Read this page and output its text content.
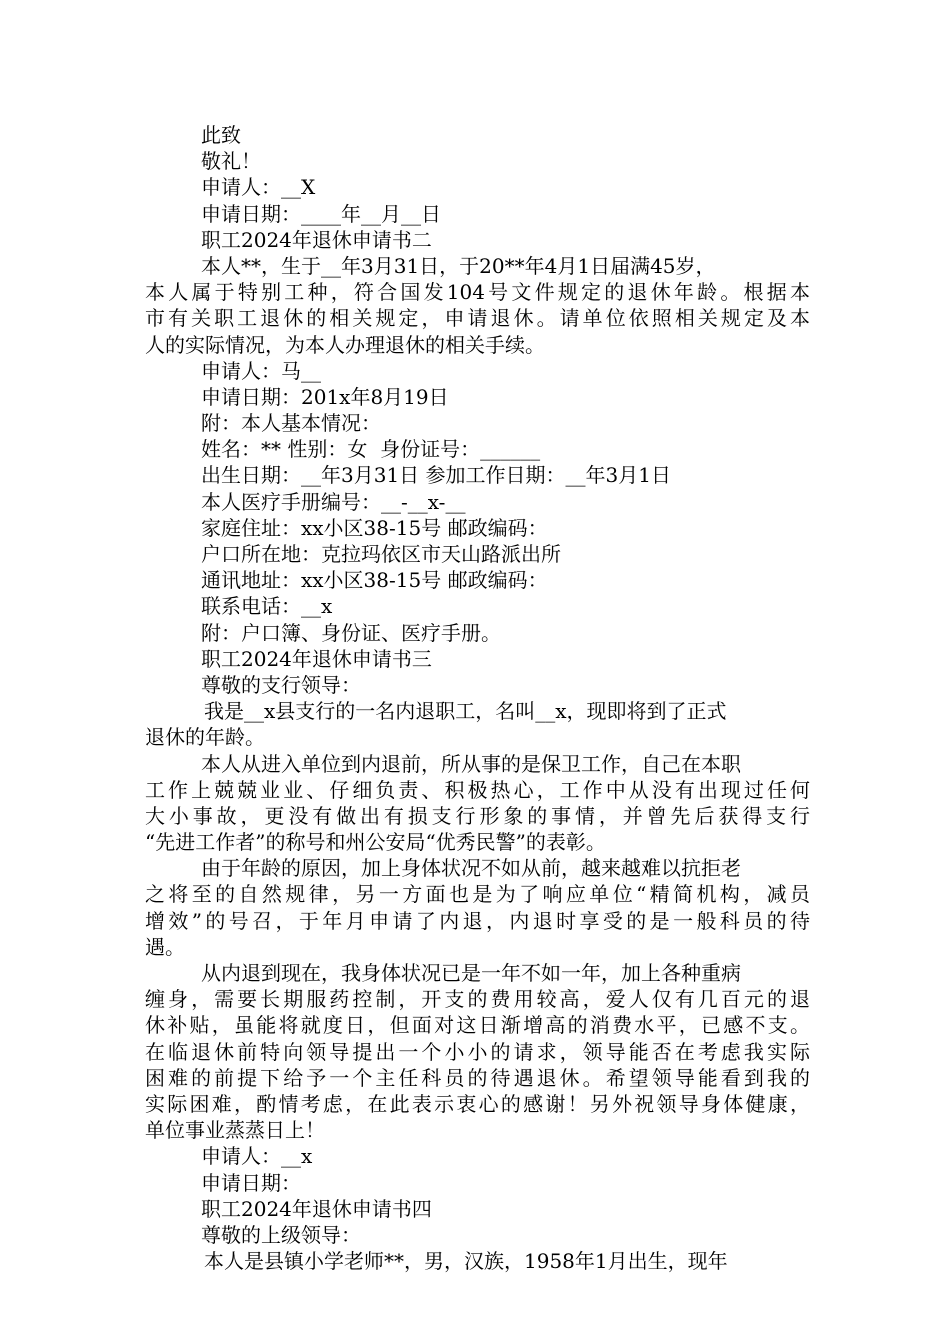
此致
敬礼！
申请人：__X
申请日期：____年__月__日
职工2024年退休申请书二
本人**，生于__年3月31日，于20**年4月1日届满45岁，
本人属于特别工种，符合国发104号文件规定的退休年龄。根据本
市有关职工退休的相关规定，申请退休。请单位依照相关规定及本
人的实际情况，为本人办理退休的相关手续。
申请人：马__
申请日期：201x年8月19日
附：本人基本情况：
姓名：** 性别：女  身份证号：______
出生日期：__年3月31日 参加工作日期：__年3月1日
本人医疗手册编号：__-__x-__
家庭住址：xx小区38-15号 邮政编码：
户口所在地：克拉玛依区市天山路派出所
通讯地址：xx小区38-15号 邮政编码：
联系电话：__x
附：户口簿、身份证、医疗手册。
职工2024年退休申请书三
尊敬的支行领导：
我是__x县支行的一名内退职工，名叫__x，现即将到了正式
退休的年龄。
本人从进入单位到内退前，所从事的是保卫工作，自己在本职
工作上兢兢业业、仔细负责、积极热心，工作中从没有出现过任何
大小事故，更没有做出有损支行形象的事情，并曾先后获得支行
“先进工作者”的称号和州公安局“优秀民警”的表彰。
由于年龄的原因，加上身体状况不如从前，越来越难以抗拒老
之将至的自然规律，另一方面也是为了响应单位“精简机构，减员
增效”的号召，于年月申请了内退，内退时享受的是一般科员的待
遇。
从内退到现在，我身体状况已是一年不如一年，加上各种重病
缠身，需要长期服药控制，开支的费用较高，爱人仅有几百元的退
休补贴，虽能将就度日，但面对这日渐增高的消费水平，已感不支。
在临退休前特向领导提出一个小小的请求，领导能否在考虑我实际
困难的前提下给予一个主任科员的待遇退休。希望领导能看到我的
实际困难，酌情考虑，在此表示衷心的感谢！另外祝领导身体健康，
单位事业蒸蒸日上！
申请人：__x
申请日期：
职工2024年退休申请书四
尊敬的上级领导：
本人是县镇小学老师**，男，汉族，1958年1月出生，现年
